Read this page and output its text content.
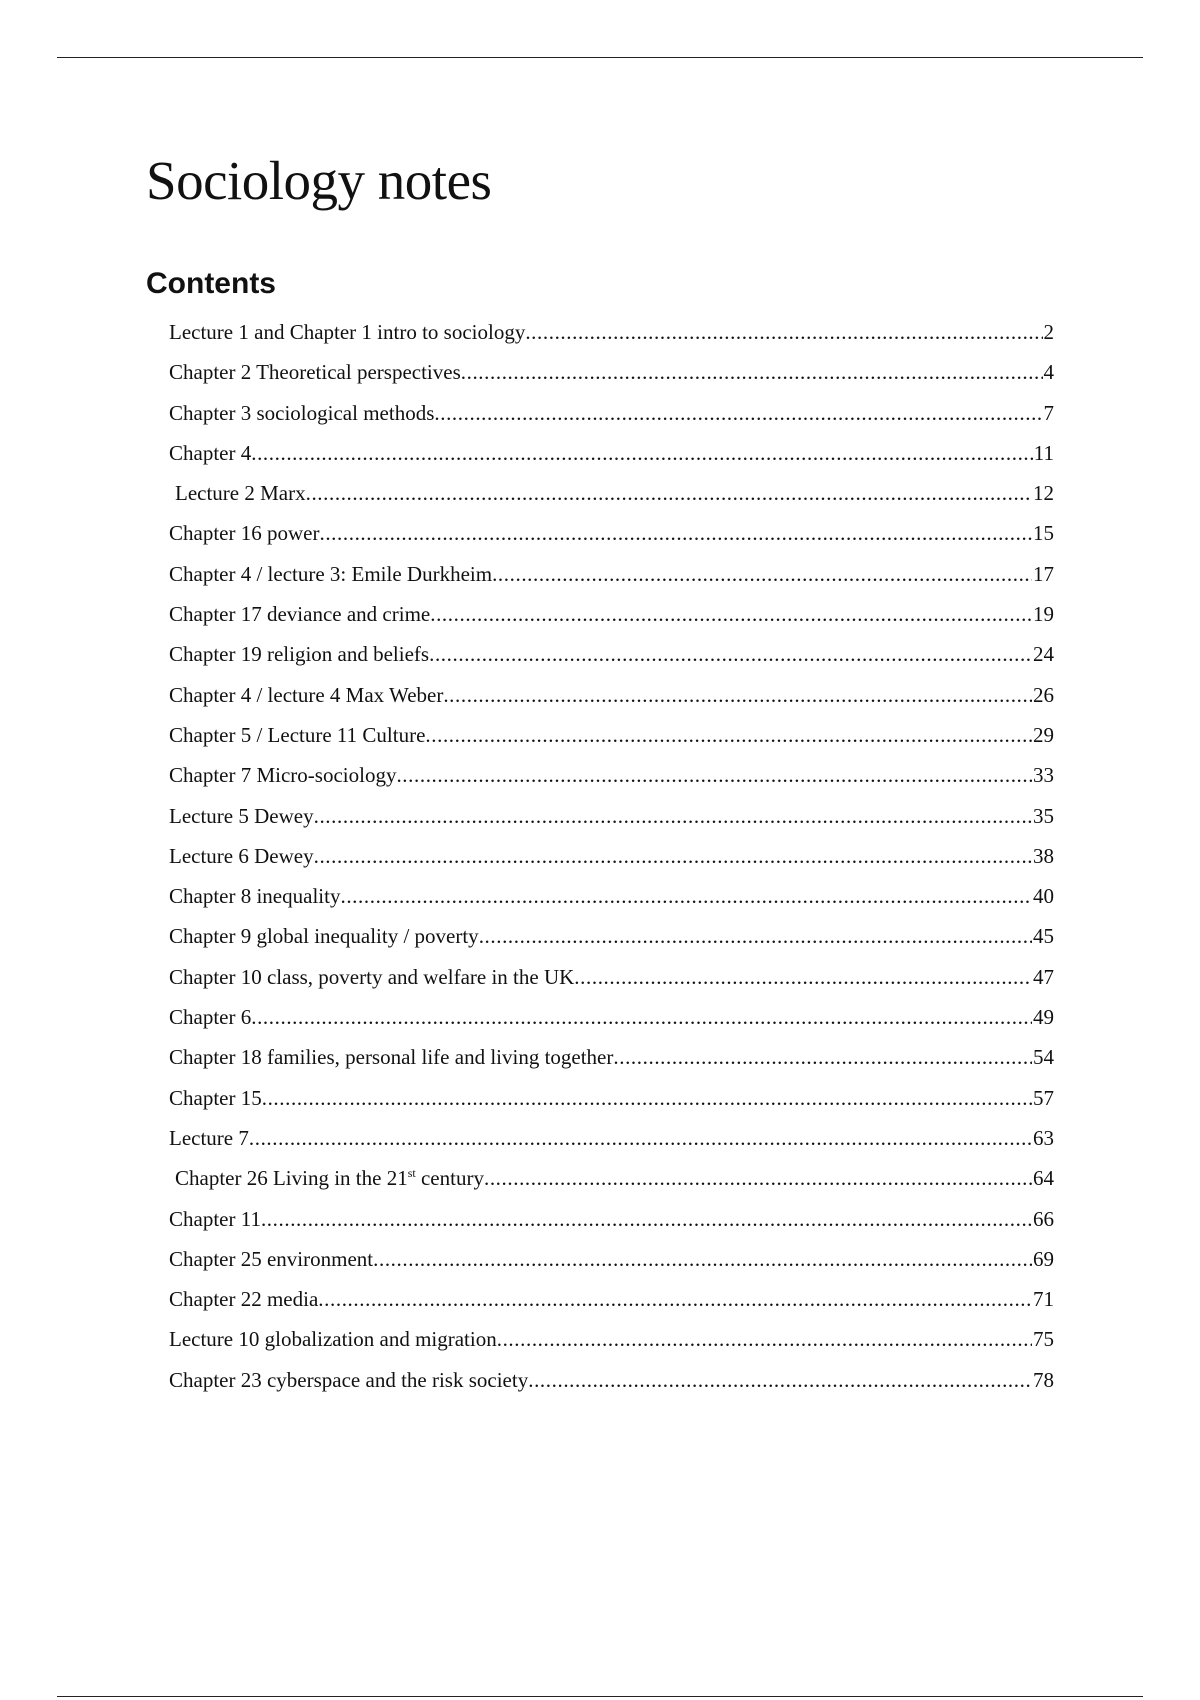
Sociology notes
Contents
Lecture 1 and Chapter 1 intro to sociology .....	2
Chapter 2 Theoretical perspectives .....	4
Chapter 3 sociological methods .....	7
Chapter 4 .....	11
Lecture 2 Marx .....	12
Chapter 16 power .....	15
Chapter 4 / lecture 3: Emile Durkheim .....	17
Chapter 17 deviance and crime .....	19
Chapter 19 religion and beliefs .....	24
Chapter 4 / lecture 4 Max Weber .....	26
Chapter 5 / Lecture 11 Culture .....	29
Chapter 7 Micro-sociology .....	33
Lecture 5 Dewey .....	35
Lecture 6 Dewey .....	38
Chapter 8 inequality .....	40
Chapter 9 global inequality / poverty .....	45
Chapter 10 class, poverty and welfare in the UK .....	47
Chapter 6 .....	49
Chapter 18 families, personal life and living together .....	54
Chapter 15 .....	57
Lecture 7 .....	63
Chapter 26 Living in the 21st century .....	64
Chapter 11 .....	66
Chapter 25 environment .....	69
Chapter 22 media .....	71
Lecture 10 globalization and migration .....	75
Chapter 23 cyberspace and the risk society .....	78
